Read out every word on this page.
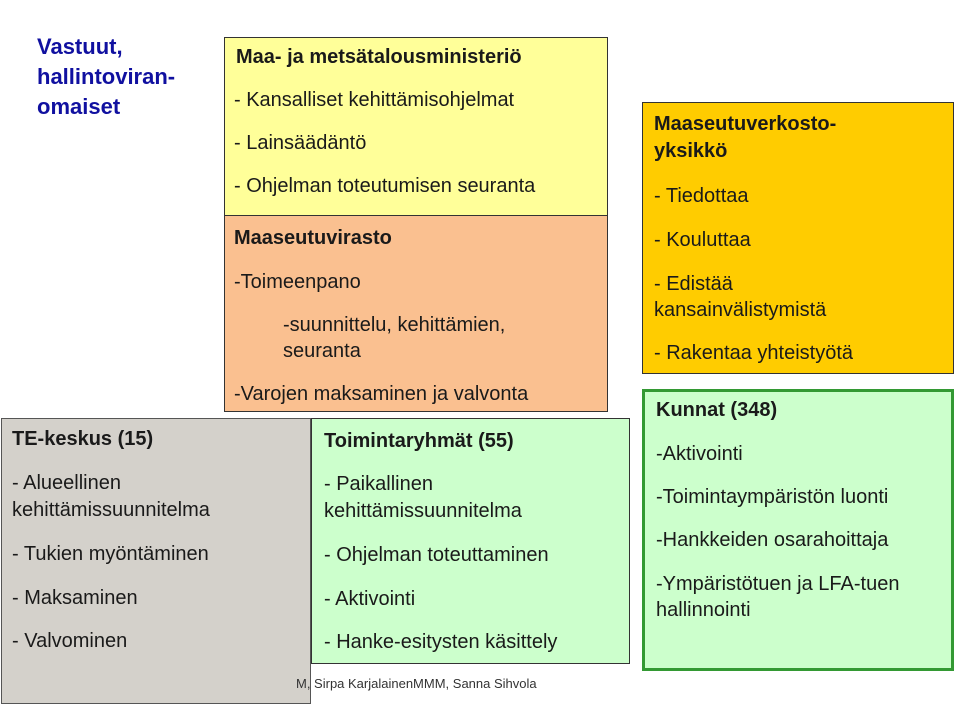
Vastuut, hallintoviran-omaiset
Maa- ja metsätalousministeriö
- Kansalliset kehittämisohjelmat
- Lainsäädäntö
- Ohjelman toteutumisen seuranta
Maaseutuvirasto
-Toimeenpano
-suunnittelu, kehittämien,
seuranta
-Varojen maksaminen ja valvonta
TE-keskus (15)
- Alueellinen
kehittämissuunnitelma
- Tukien myöntäminen
- Maksaminen
- Valvominen
Toimintaryhmät (55)
- Paikallinen
kehittämissuunnitelma
- Ohjelman toteuttaminen
- Aktivointi
- Hanke-esitysten käsittely
Maaseutuverkosto-
yksikkö
- Tiedottaa
- Kouluttaa
- Edistää
kansainvälistymistä
- Rakentaa yhteistyötä
Kunnat (348)
-Aktivointi
-Toimintaympäristön luonti
-Hankkeiden osarahoittaja
-Ympäristötuen ja LFA-tuen
hallinnointi
M, Sirpa KarjalainenMMM, Sanna Sihvola
